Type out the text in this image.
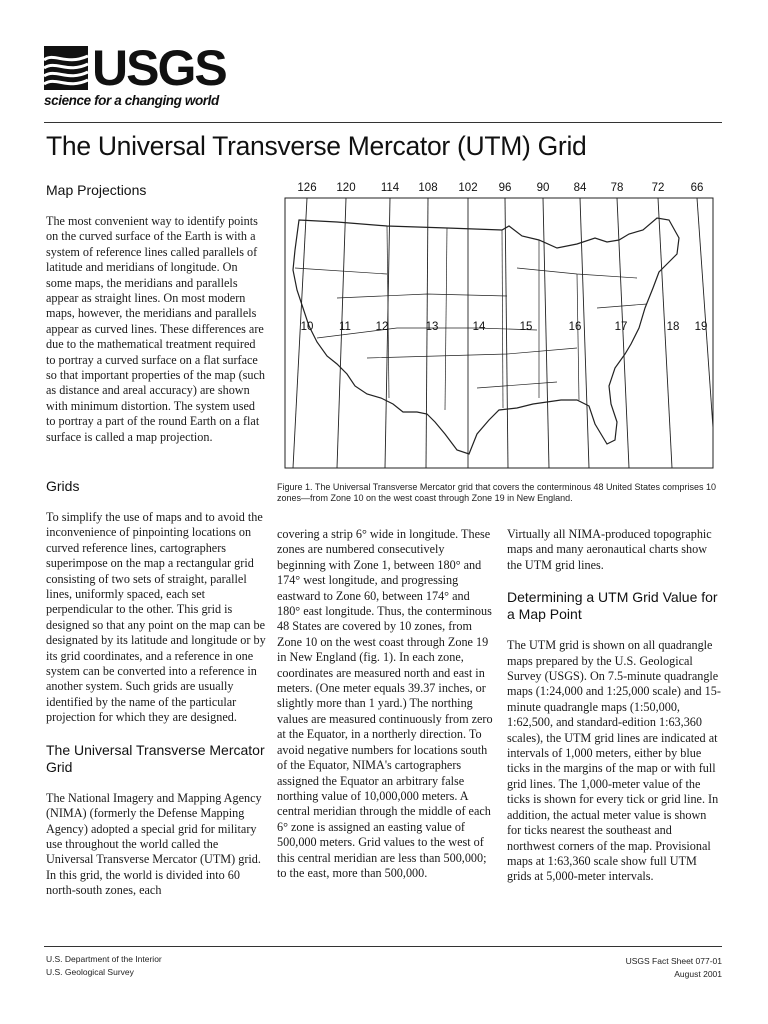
USGS
science for a changing world
The Universal Transverse Mercator (UTM) Grid
Map Projections

The most convenient way to identify points on the curved surface of the Earth is with a system of reference lines called parallels of latitude and meridians of longitude. On some maps, the meridians and parallels appear as straight lines. On most modern maps, however, the meridians and parallels appear as curved lines. These differences are due to the mathematical treatment required to portray a curved surface on a flat surface so that important properties of the map (such as distance and areal accuracy) are shown with minimum distortion. The system used to portray a part of the round Earth on a flat surface is called a map projection.

126 120 114 108 102 96 90 84 78 72 66
10 11 12	13	14	15	16	17	18 19
Figure 1. The Universal Transverse Mercator grid that covers the conterminous 48 United States comprises 10 zones—from Zone 10 on the west coast through Zone 19 in New England.
Grids

To simplify the use of maps and to avoid the inconvenience of pinpointing locations on curved reference lines, cartographers superimpose on the map a rectangular grid consisting of two sets of straight, parallel lines, uniformly spaced, each set perpendicular to the other. This grid is designed so that any point on the map can be designated by its latitude and longitude or by its grid coordinates, and a reference in one system can be converted into a reference in another system. Such grids are usually identified by the name of the particular projection for which they are designed.

The Universal Transverse Mercator Grid

The National Imagery and Mapping Agency (NIMA) (formerly the Defense Mapping Agency) adopted a special grid for military use throughout the world called the Universal Transverse Mercator (UTM) grid. In this grid, the world is divided into 60 north-south zones, each

covering a strip 6° wide in longitude. These zones are numbered consecutively beginning with Zone 1, between 180° and 174° west longitude, and progressing eastward to Zone 60, between 174° and 180° east longitude. Thus, the conterminous 48 States are covered by 10 zones, from Zone 10 on the west coast through Zone 19 in New England (fig. 1). In each zone, coordinates are measured north and east in meters. (One meter equals 39.37 inches, or slightly more than 1 yard.) The northing values are measured continuously from zero at the Equator, in a northerly direction. To avoid negative numbers for locations south of the Equator, NIMA's cartographers assigned the Equator an arbitrary false northing value of 10,000,000 meters. A central meridian through the middle of each 6° zone is assigned an easting value of 500,000 meters. Grid values to the west of this central meridian are less than 500,000; to the east, more than 500,000.

Virtually all NIMA-produced topographic maps and many aeronautical charts show the UTM grid lines.

Determining a UTM Grid Value for a Map Point

The UTM grid is shown on all quadrangle maps prepared by the U.S. Geological Survey (USGS). On 7.5-minute quadrangle maps (1:24,000 and 1:25,000 scale) and 15-minute quadrangle maps (1:50,000, 1:62,500, and standard-edition 1:63,360 scales), the UTM grid lines are indicated at intervals of 1,000 meters, either by blue ticks in the margins of the map or with full grid lines. The 1,000-meter value of the ticks is shown for every tick or grid line. In addition, the actual meter value is shown for ticks nearest the southeast and northwest corners of the map. Provisional maps at 1:63,360 scale show full UTM grids at 5,000-meter intervals.

U.S. Department of the Interior
U.S. Geological Survey
USGS Fact Sheet 077-01
August 2001
